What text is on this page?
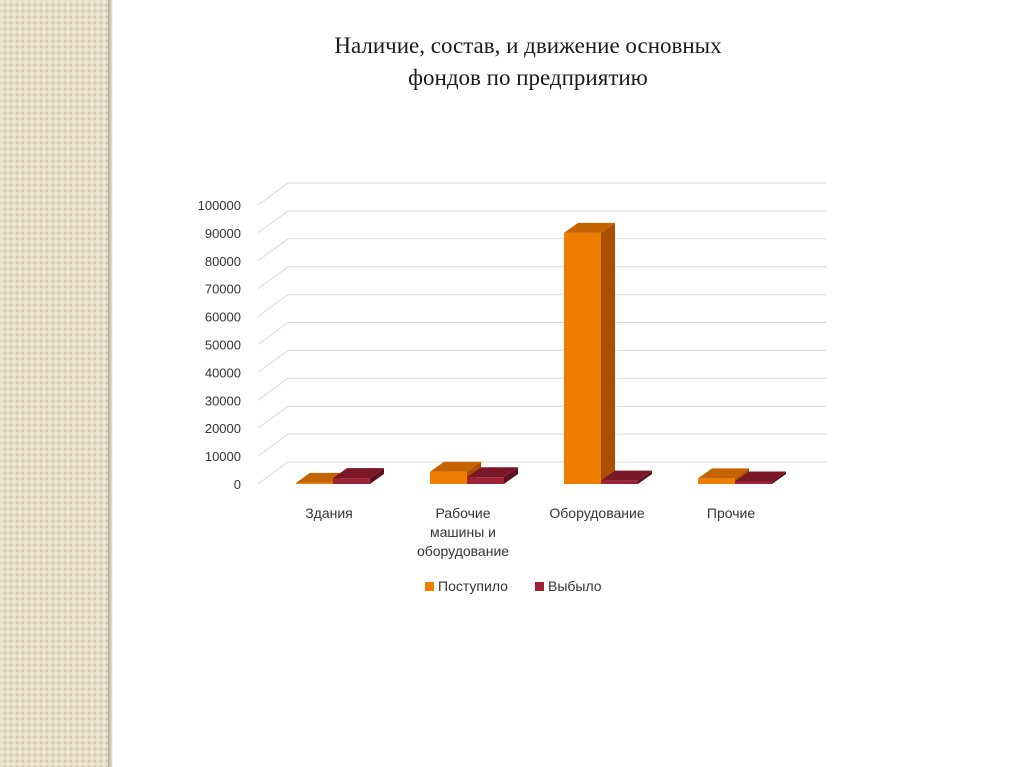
Наличие, состав, и движение основных
фондов по предприятию
0
10000
20000
30000
40000
50000
60000
70000
80000
90000
100000
Здания	Рабочие
машины и
оборудование
Оборудование	Прочие
Поступило	Выбыло
